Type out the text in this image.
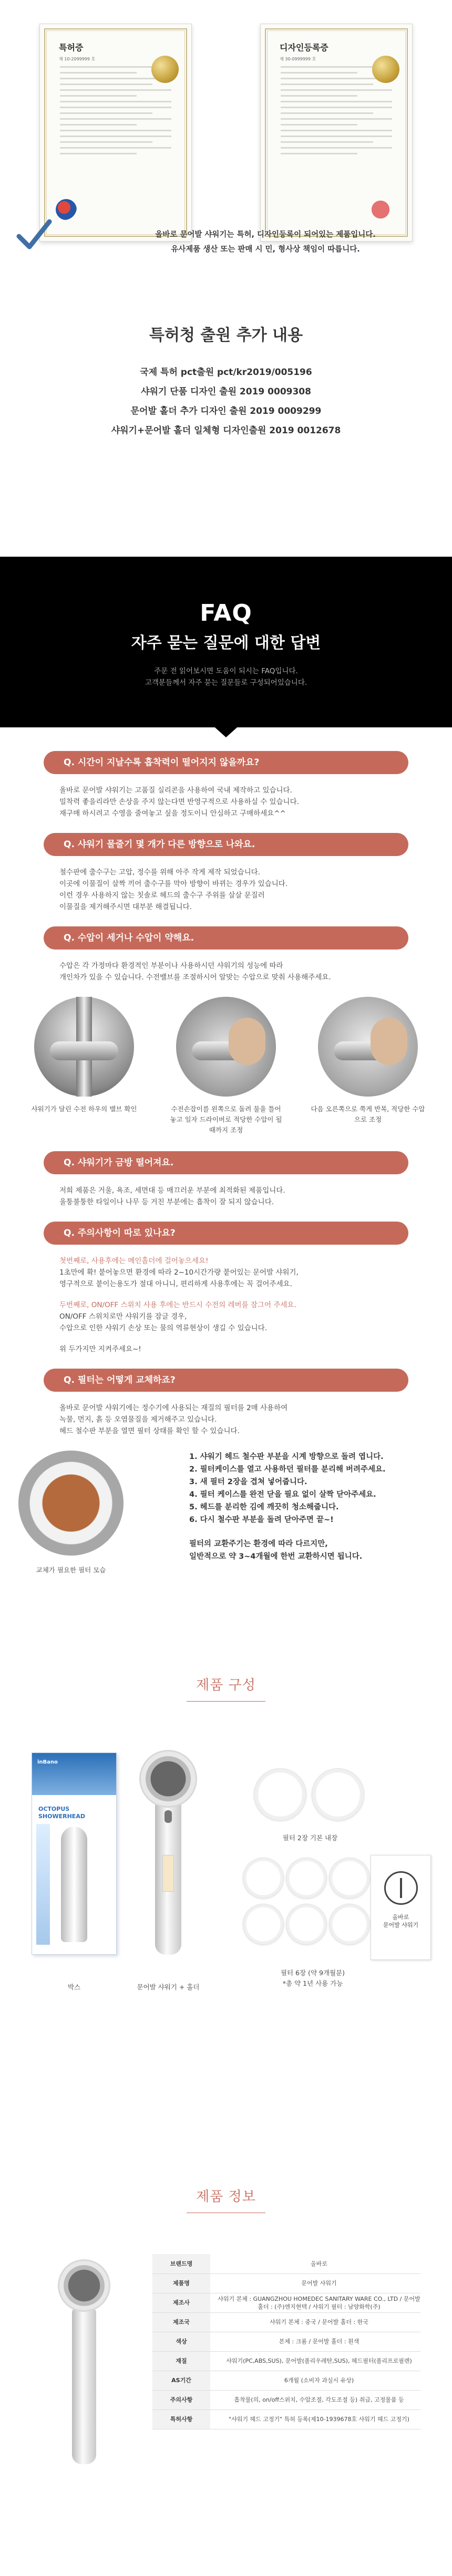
특허증
제 10-2099999 호
디자인등록증
제 30-0999999 호
올바로 문어발 샤워기는 특허, 디자인등록이 되어있는 제품입니다.
유사제품 생산 또는 판매 시 민, 형사상 책임이 따릅니다.
특허청 출원 추가 내용

국제 특허 pct출원 pct/kr2019/005196

샤워기 단품 디자인 출원 2019 0009308

문어발 홀더 추가 디자인 출원 2019 0009299

샤워기+문어발 홀더 일체형 디자인출원 2019 0012678

FAQ
자주 묻는 질문에 대한 답변
주문 전 읽어보시면 도움이 되시는 FAQ입니다.
고객분들께서 자주 묻는 질문들로 구성되어있습니다.
Q. 시간이 지날수록 흡착력이 떨어지지 않을까요?

올바로 문어발 샤워기는 고품질 실리콘을 사용하여 국내 제작하고 있습니다.

밀착력 좋을리라만 손상을 주지 않는다면 반영구적으로 사용하실 수 있습니다.

재구매 하시려고 수영을 줄여놓고 싶을 정도이니 안심하고 구매하세요^^

Q. 샤워기 물줄기 몇 개가 다른 방향으로 나와요.

철수판에 출수구는 고압, 정수를 위해 아주 작게 제작 되었습니다.

이곳에 이물질이 살짝 끼어 출수구를 막아 방향이 바뀌는 경우가 있습니다.

이런 경우 사용하지 않는 칫솔로 헤드의 출수구 주위를 살살 문질러

이물질을 제거해주시면 대부분 해결됩니다.

Q. 수압이 세거나 수압이 약해요.

수압은 각 가정마다 환경적인 부분이나 사용하시던 샤워기의 성능에 따라

개인차가 있을 수 있습니다. 수전밸브를 조절하시어 알맞는 수압으로 맞춰 사용해주세요.

샤워기가 달린 수전 하우의 밸브 확인	수전손잡이를 왼쪽으로 돌려 물을 틀어놓고 일자 드라이버로 적당한 수압이 될때까지 조정
다음 오른쪽으로 쭉게 반복, 적당한 수압으로 조정
Q. 샤워기가 금방 떨어져요.

저희 제품은 거울, 욕조, 세면대 등 매끄러운 부분에 최적화된 제품입니다.

울퉁불퉁한 타일이나 나무 등 거친 부분에는 흡착이 잘 되지 않습니다.

Q. 주의사항이 따로 있나요?

첫번째로, 사용후에는 메인홀더에 걸어놓으세요!

1초만에 확! 붙어놓으면 환경에 따라 2~10시간가량 붙어있는 문어발 샤워기,

영구적으로 붙이는용도가 절대 아니니, 편리하게 사용후에는 꼭 걸어주세요.

두번째로, ON/OFF 스위치 사용 후에는 반드시 수전의 레버를 잠그어 주세요.

ON/OFF 스위치로만 샤워기를 잠글 경우,

수압으로 인한 샤워기 손상 또는 물의 역류현상이 생길 수 있습니다.

위 두가지만 지켜주세요~!

Q. 필터는 어떻게 교체하죠?

올바로 문어발 샤워기에는 정수기에 사용되는 재질의 필터를 2매 사용하여

녹물, 먼지, 흙 등 오염물질을 제거해주고 있습니다.

헤드 철수판 부분을 열면 필터 상태를 확인 할 수 있습니다.

교체가 필요한 필터 모습
1. 샤워기 헤드 철수판 부분을 시계 방향으로 돌려 엽니다.
2. 필터케이스를 열고 사용하던 필터를 분리해 버려주세요.
3. 새 필터 2장을 겹쳐 넣어줍니다.
4. 필터 케이스를 완전 닫을 필요 없이 살짝 닫아주세요.
5. 헤드를 분리한 김에 깨끗히 청소해줍니다.
6. 다시 철수판 부분을 돌려 닫아주면 끝~!
필터의 교환주기는 환경에 따라 다르지만,
일반적으로 약 3~4개월에 한번 교환하시면 됩니다.
제품 구성
inBano
OCTOPUS
SHOWERHEAD
필터 2장 기본 내장
올바로
문어발 샤워기
필터 6장 (약 9개월분)
*총 약 1년 사용 가능
박스	문어발 샤워기 + 홀더
제품 정보
브랜드명	올바로
제품명	문어발 샤워기
제조사	샤워기 본체 : GUANGZHOU HOMEDEC SANITARY WARE CO., LTD / 문어발 홀더 : (주)엔지현텍 / 샤워기 필터 : 남양화학(주)
제조국	샤워기 본체 : 중국 / 문어발 홀더 : 한국
색상	본체 : 크롬 / 문어발 홀더 : 흰색
재질	샤워기(PC,ABS,SUS), 문어발(폴리우레탄,SUS), 헤드필터(폴리프로필렌)
AS기간	6개월 (소비자 과실시 유상)
주의사항	흡착물(의, on/off스위치, 수압조절, 각도조절 등) 취급, 고정물품 등
특허사항	"샤워기 헤드 고정기" 특허 등록(제10-1939678호 샤워기 헤드 고정기)
